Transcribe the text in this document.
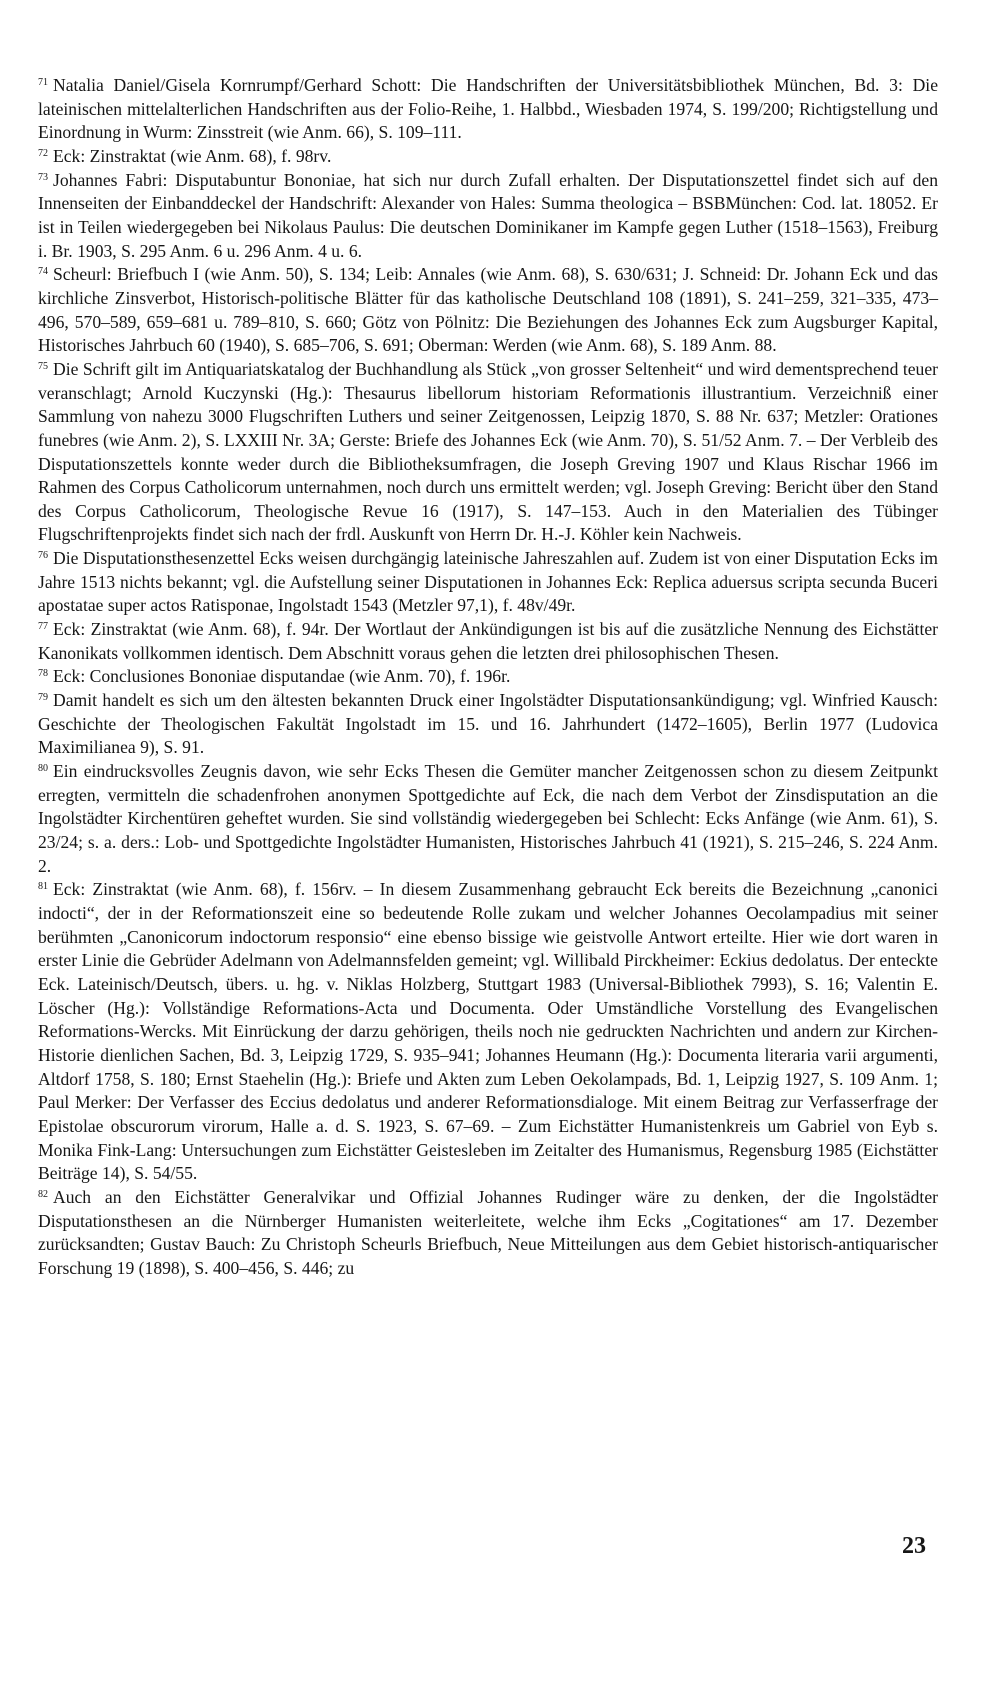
$^{71}$ Natalia Daniel/Gisela Kornrumpf/Gerhard Schott: Die Handschriften der Universitätsbibliothek München, Bd. 3: Die lateinischen mittelalterlichen Handschriften aus der Folio-Reihe, 1. Halbbd., Wiesbaden 1974, S. 199/200; Richtigstellung und Einordnung in Wurm: Zinsstreit (wie Anm. 66), S. 109–111.

$^{72}$ Eck: Zinstraktat (wie Anm. 68), f. 98rv.

$^{73}$ Johannes Fabri: Disputabuntur Bononiae, hat sich nur durch Zufall erhalten. Der Disputationszettel findet sich auf den Innenseiten der Einbanddeckel der Handschrift: Alexander von Hales: Summa theologica – BSBMünchen: Cod. lat. 18052. Er ist in Teilen wiedergegeben bei Nikolaus Paulus: Die deutschen Dominikaner im Kampfe gegen Luther (1518–1563), Freiburg i. Br. 1903, S. 295 Anm. 6 u. 296 Anm. 4 u. 6.

$^{74}$ Scheurl: Briefbuch I (wie Anm. 50), S. 134; Leib: Annales (wie Anm. 68), S. 630/631; J. Schneid: Dr. Johann Eck und das kirchliche Zinsverbot, Historisch-politische Blätter für das katholische Deutschland 108 (1891), S. 241–259, 321–335, 473–496, 570–589, 659–681 u. 789–810, S. 660; Götz von Pölnitz: Die Beziehungen des Johannes Eck zum Augsburger Kapital, Historisches Jahrbuch 60 (1940), S. 685–706, S. 691; Oberman: Werden (wie Anm. 68), S. 189 Anm. 88.

$^{75}$ Die Schrift gilt im Antiquariatskatalog der Buchhandlung als Stück „von grosser Seltenheit“ und wird dementsprechend teuer veranschlagt; Arnold Kuczynski (Hg.): Thesaurus libellorum historiam Reformationis illustrantium. Verzeichniß einer Sammlung von nahezu 3000 Flugschriften Luthers und seiner Zeitgenossen, Leipzig 1870, S. 88 Nr. 637; Metzler: Orationes funebres (wie Anm. 2), S. LXXIII Nr. 3A; Gerste: Briefe des Johannes Eck (wie Anm. 70), S. 51/52 Anm. 7. – Der Verbleib des Disputationszettels konnte weder durch die Bibliotheksumfragen, die Joseph Greving 1907 und Klaus Rischar 1966 im Rahmen des Corpus Catholicorum unternahmen, noch durch uns ermittelt werden; vgl. Joseph Greving: Bericht über den Stand des Corpus Catholicorum, Theologische Revue 16 (1917), S. 147–153. Auch in den Materialien des Tübinger Flugschriftenprojekts findet sich nach der frdl. Auskunft von Herrn Dr. H.-J. Köhler kein Nachweis.

$^{76}$ Die Disputationsthesenzettel Ecks weisen durchgängig lateinische Jahreszahlen auf. Zudem ist von einer Disputation Ecks im Jahre 1513 nichts bekannt; vgl. die Aufstellung seiner Disputationen in Johannes Eck: Replica aduersus scripta secunda Buceri apostatae super actos Ratisponae, Ingolstadt 1543 (Metzler 97,1), f. 48v/49r.

$^{77}$ Eck: Zinstraktat (wie Anm. 68), f. 94r. Der Wortlaut der Ankündigungen ist bis auf die zusätzliche Nennung des Eichstätter Kanonikats vollkommen identisch. Dem Abschnitt voraus gehen die letzten drei philosophischen Thesen.

$^{78}$ Eck: Conclusiones Bononiae disputandae (wie Anm. 70), f. 196r.

$^{79}$ Damit handelt es sich um den ältesten bekannten Druck einer Ingolstädter Disputationsankündigung; vgl. Winfried Kausch: Geschichte der Theologischen Fakultät Ingolstadt im 15. und 16. Jahrhundert (1472–1605), Berlin 1977 (Ludovica Maximilianea 9), S. 91.

$^{80}$ Ein eindrucksvolles Zeugnis davon, wie sehr Ecks Thesen die Gemüter mancher Zeitgenossen schon zu diesem Zeitpunkt erregten, vermitteln die schadenfrohen anonymen Spottgedichte auf Eck, die nach dem Verbot der Zinsdisputation an die Ingolstädter Kirchentüren geheftet wurden. Sie sind vollständig wiedergegeben bei Schlecht: Ecks Anfänge (wie Anm. 61), S. 23/24; s. a. ders.: Lob- und Spottgedichte Ingolstädter Humanisten, Historisches Jahrbuch 41 (1921), S. 215–246, S. 224 Anm. 2.

$^{81}$ Eck: Zinstraktat (wie Anm. 68), f. 156rv. – In diesem Zusammenhang gebraucht Eck bereits die Bezeichnung „canonici indocti“, der in der Reformationszeit eine so bedeutende Rolle zukam und welcher Johannes Oecolampadius mit seiner berühmten „Canonicorum indoctorum responsio“ eine ebenso bissige wie geistvolle Antwort erteilte. Hier wie dort waren in erster Linie die Gebrüder Adelmann von Adelmannsfelden gemeint; vgl. Willibald Pirckheimer: Eckius dedolatus. Der enteckte Eck. Lateinisch/Deutsch, übers. u. hg. v. Niklas Holzberg, Stuttgart 1983 (Universal-Bibliothek 7993), S. 16; Valentin E. Löscher (Hg.): Vollständige Reformations-Acta und Documenta. Oder Umständliche Vorstellung des Evangelischen Reformations-Wercks. Mit Einrückung der darzu gehörigen, theils noch nie gedruckten Nachrichten und andern zur Kirchen-Historie dienlichen Sachen, Bd. 3, Leipzig 1729, S. 935–941; Johannes Heumann (Hg.): Documenta literaria varii argumenti, Altdorf 1758, S. 180; Ernst Staehelin (Hg.): Briefe und Akten zum Leben Oekolampads, Bd. 1, Leipzig 1927, S. 109 Anm. 1; Paul Merker: Der Verfasser des Eccius dedolatus und anderer Reformationsdialoge. Mit einem Beitrag zur Verfasserfrage der Epistolae obscurorum virorum, Halle a. d. S. 1923, S. 67–69. – Zum Eichstätter Humanistenkreis um Gabriel von Eyb s. Monika Fink-Lang: Untersuchungen zum Eichstätter Geistesleben im Zeitalter des Humanismus, Regensburg 1985 (Eichstätter Beiträge 14), S. 54/55.

$^{82}$ Auch an den Eichstätter Generalvikar und Offizial Johannes Rudinger wäre zu denken, der die Ingolstädter Disputationsthesen an die Nürnberger Humanisten weiterleitete, welche ihm Ecks „Cogitationes“ am 17. Dezember zurücksandten; Gustav Bauch: Zu Christoph Scheurls Briefbuch, Neue Mitteilungen aus dem Gebiet historisch-antiquarischer Forschung 19 (1898), S. 400–456, S. 446; zu

23
